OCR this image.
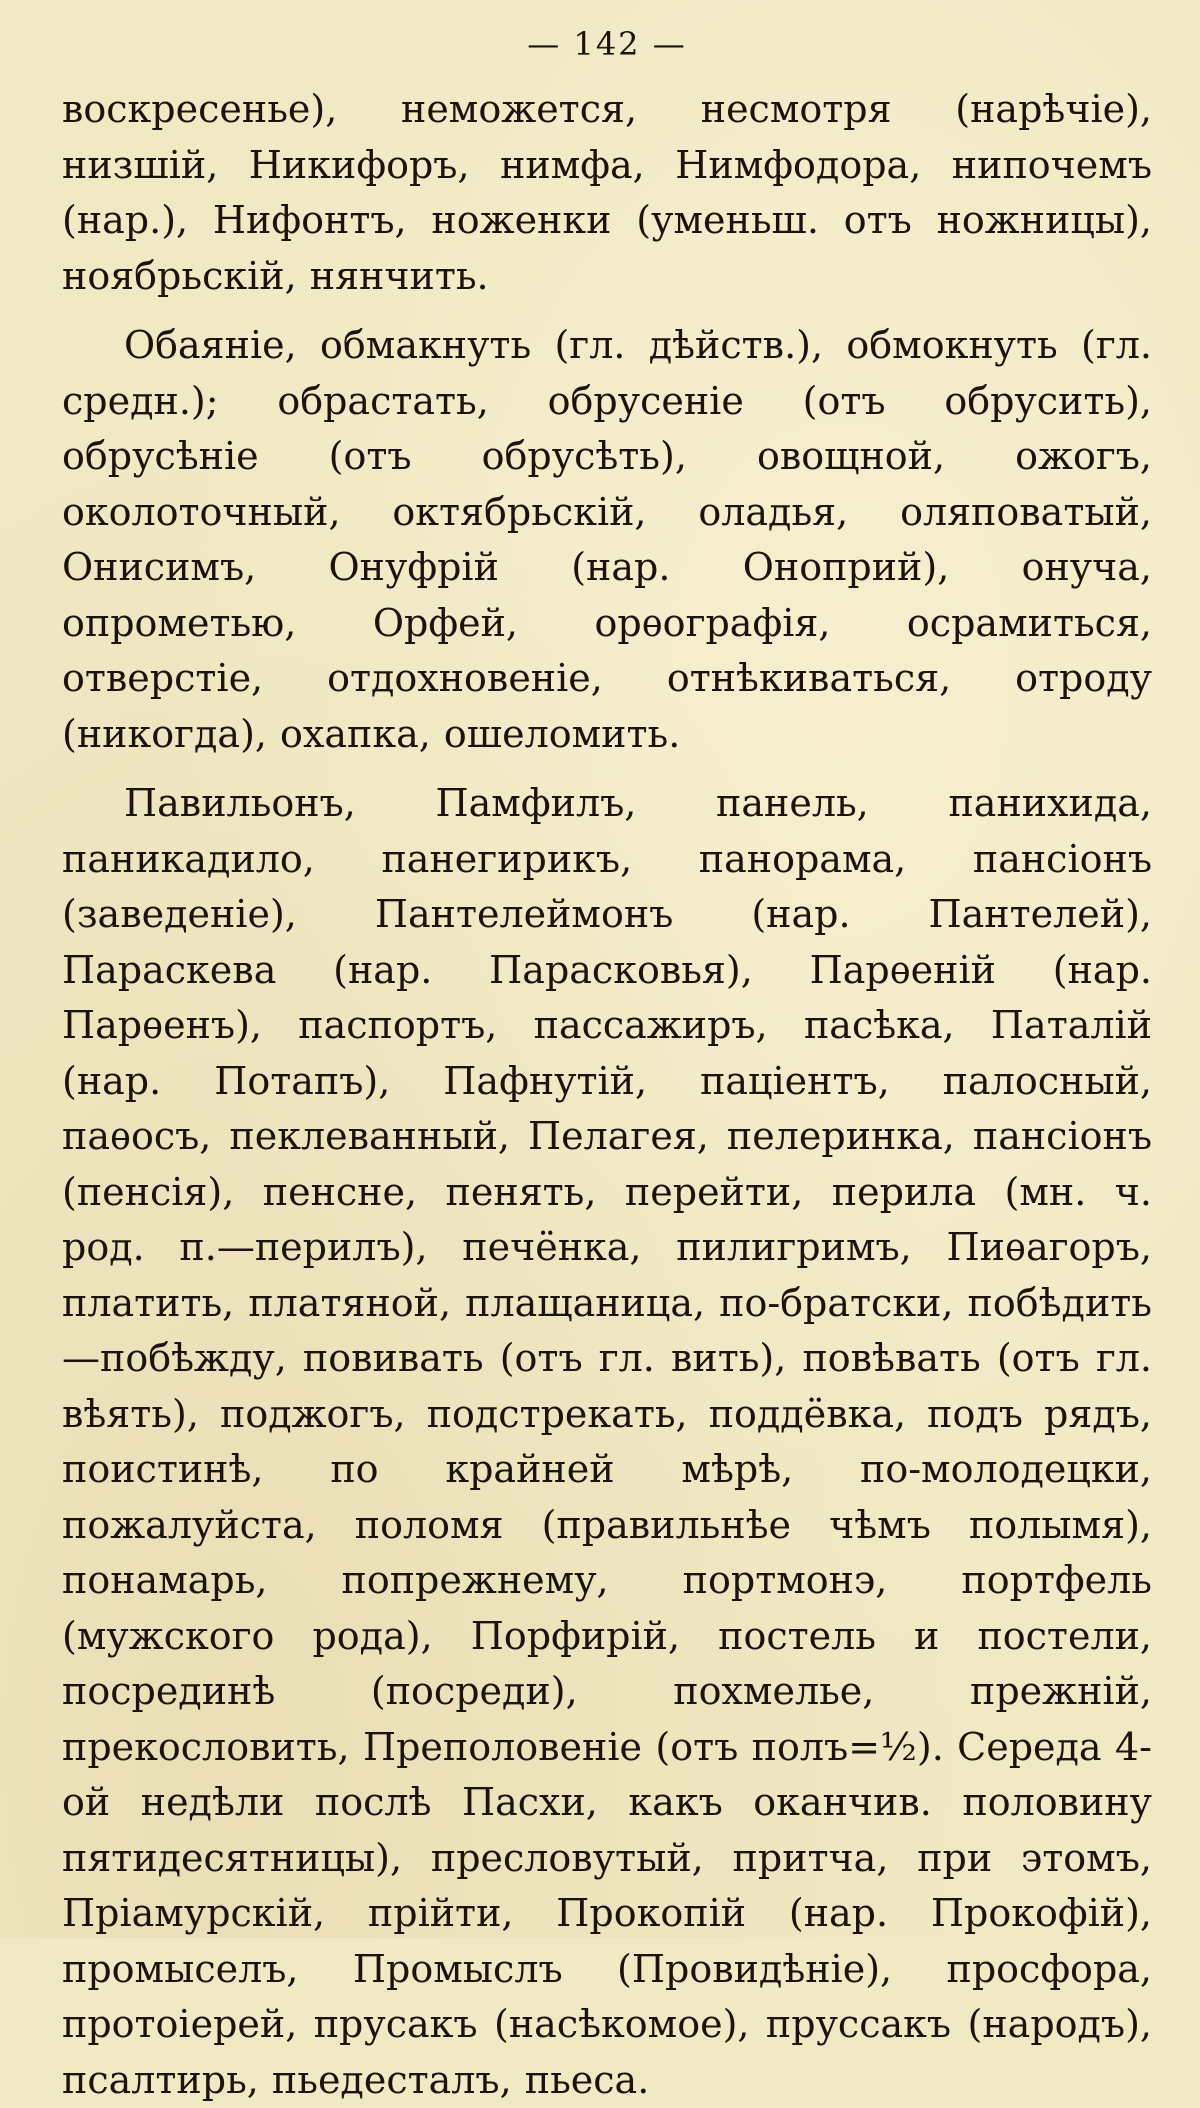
— 142 —

воскресенье), неможется, несмотря (нарѣчіе), низшій, Никифоръ, нимфа, Нимфодора, нипочемъ (нар.), Нифонтъ, ноженки (уменьш. отъ ножницы), ноябрьскій, нянчить.

Обаяніе, обмакнуть (гл. дѣйств.), обмокнуть (гл. средн.); обрастать, обрусеніе (отъ обрусить), обрусѣніе (отъ обрусѣть), овощной, ожогъ, околоточный, октябрьскій, оладья, оляповатый, Онисимъ, Онуфрій (нар. Оноприй), онуча, опрометью, Орфей, орѳографія, осрамиться, отверстіе, отдохновеніе, отнѣкиваться, отроду (никогда), охапка, ошеломить.

Павильонъ, Памфилъ, панель, панихида, паникадило, панегирикъ, панорама, пансіонъ (заведеніе), Пантелеймонъ (нар. Пантелей), Параскева (нар. Парасковья), Парѳеній (нар. Парѳенъ), паспортъ, пассажиръ, пасѣка, Паталій (нар. Потапъ), Пафнутій, паціентъ, палосный, паѳосъ, пеклеванный, Пелагея, пелеринка, пансіонъ (пенсія), пенсне, пенять, перейти, перила (мн. ч. род. п.—перилъ), печёнка, пилигримъ, Пиѳагоръ, платить, платяной, плащаница, по-братски, побѣдить—побѣжду, повивать (отъ гл. вить), повѣвать (отъ гл. вѣять), поджогъ, подстрекать, поддёвка, подъ рядъ, поистинѣ, по крайней мѣрѣ, по-молодецки, пожалуйста, поломя (правильнѣе чѣмъ полымя), понамарь, попрежнему, портмонэ, портфель (мужского рода), Порфирій, постель и постели, посрединѣ (посреди), похмелье, прежній, прекословить, Преполовеніе (отъ полъ=½). Середа 4-ой недѣли послѣ Пасхи, какъ оканчив. половину пятидесятницы), пресловутый, притча, при этомъ, Пріамурскій, прійти, Прокопій (нар. Прокофій), промыселъ, Промыслъ (Провидѣніе), просфора, протоіерей, прусакъ (насѣкомое), пруссакъ (народъ), псалтирь, пьедесталъ, пьеса.
